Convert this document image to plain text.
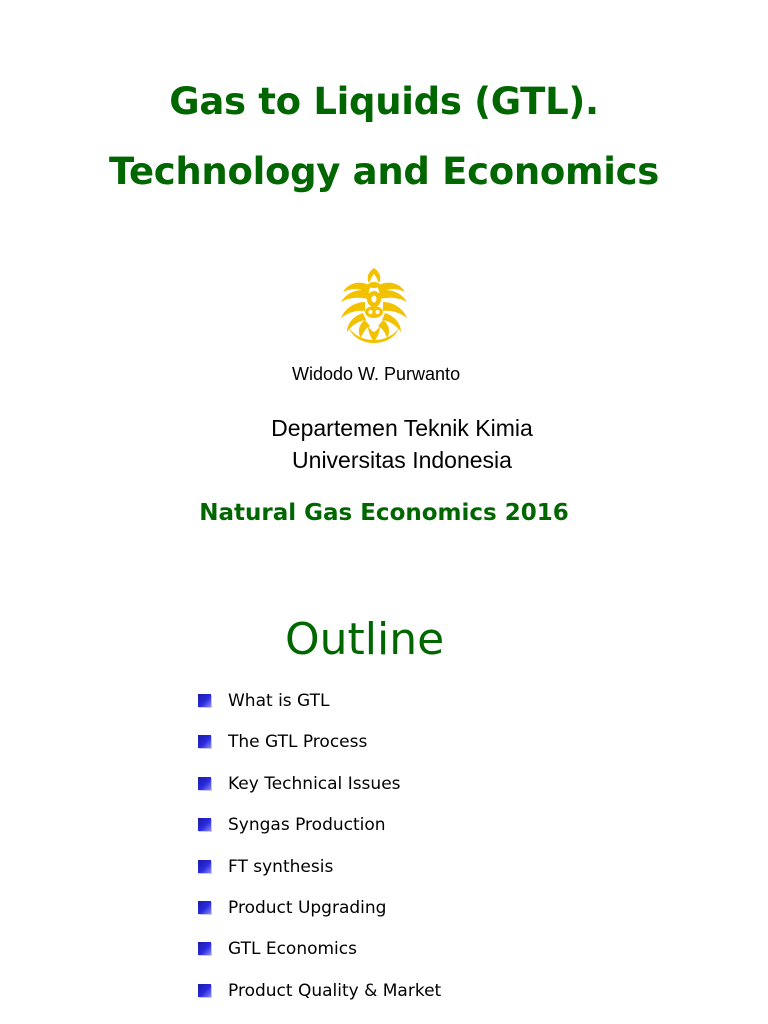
Gas to Liquids (GTL).
Technology and Economics
Widodo W. Purwanto
Departemen Teknik Kimia
Universitas Indonesia
Natural Gas Economics 2016
Outline
What is GTL
The GTL Process
Key Technical Issues
Syngas Production
FT synthesis
Product Upgrading
GTL Economics
Product Quality & Market
